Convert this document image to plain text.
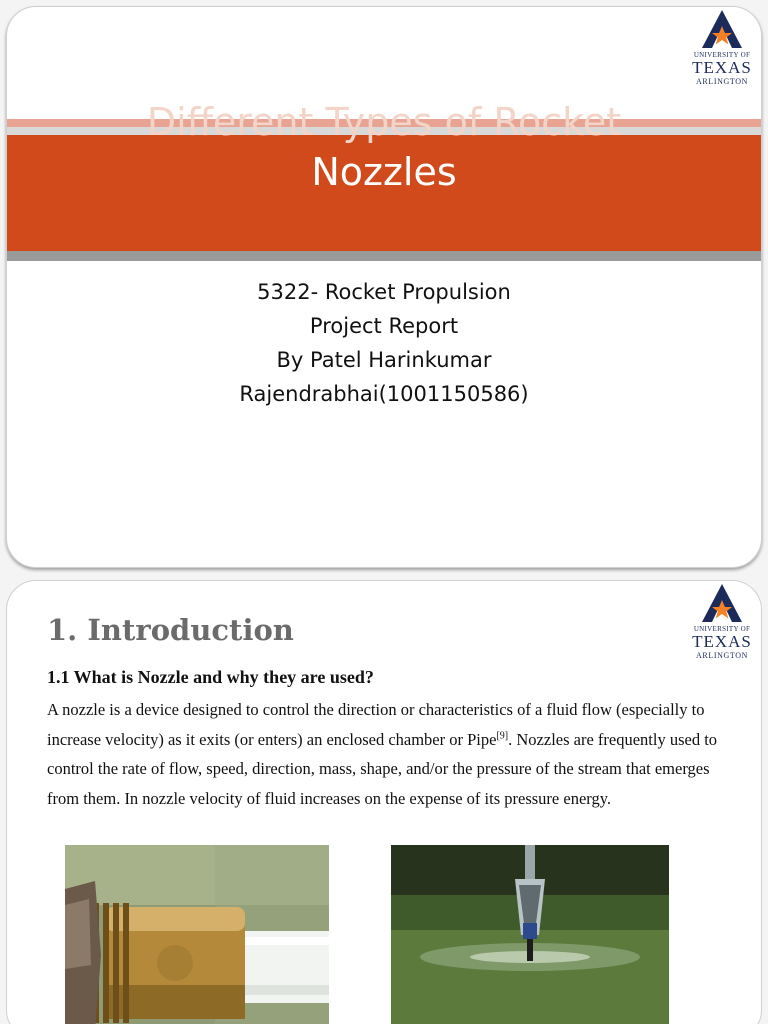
Different Types of Rocket
Nozzles
5322- Rocket Propulsion
Project Report
By Patel Harinkumar
Rajendrabhai(1001150586)
UNIVERSITY OF
TEXAS
ARLINGTON
UNIVERSITY OF
TEXAS
ARLINGTON
1. Introduction
1.1 What is Nozzle and why they are used?
A nozzle is a device designed to control the direction or characteristics of a fluid flow (especially to increase velocity) as it exits (or enters) an enclosed chamber or Pipe[9]. Nozzles are frequently used to control the rate of flow, speed, direction, mass, shape, and/or the pressure of the stream that emerges from them. In nozzle velocity of fluid increases on the expense of its pressure energy.
